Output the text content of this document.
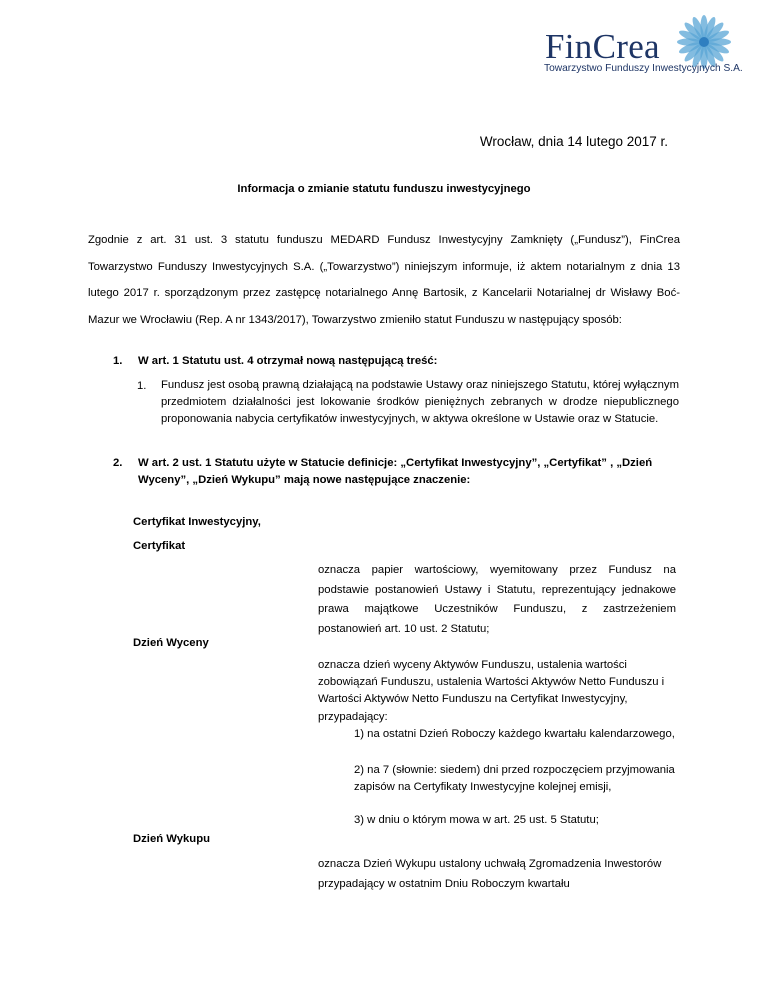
FinCrea
Towarzystwo Funduszy Inwestycyjnych S.A.
Wrocław, dnia 14 lutego 2017 r.
Informacja o zmianie statutu funduszu inwestycyjnego
Zgodnie z art. 31 ust. 3 statutu funduszu MEDARD Fundusz Inwestycyjny Zamknięty („Fundusz”), FinCrea Towarzystwo Funduszy Inwestycyjnych S.A. („Towarzystwo”) niniejszym informuje, iż aktem notarialnym z dnia 13 lutego 2017 r. sporządzonym przez zastępcę notarialnego Annę Bartosik, z Kancelarii Notarialnej dr Wisławy Boć-Mazur we Wrocławiu (Rep. A nr 1343/2017), Towarzystwo zmieniło statut Funduszu w następujący sposób:
1. W art. 1 Statutu ust. 4 otrzymał nową następującą treść:
1. Fundusz jest osobą prawną działającą na podstawie Ustawy oraz niniejszego Statutu, której wyłącznym przedmiotem działalności jest lokowanie środków pieniężnych zebranych w drodze niepublicznego proponowania nabycia certyfikatów inwestycyjnych, w aktywa określone w Ustawie oraz w Statucie.
2. W art. 2 ust. 1 Statutu użyte w Statucie definicje: „Certyfikat Inwestycyjny”, „Certyfikat” , „Dzień
Wyceny”, „Dzień Wykupu” mają nowe następujące znaczenie:
Certyfikat Inwestycyjny,
Certyfikat
oznacza papier wartościowy, wyemitowany przez Fundusz na podstawie postanowień Ustawy i Statutu, reprezentujący jednakowe prawa majątkowe Uczestników Funduszu, z zastrzeżeniem postanowień art. 10 ust. 2 Statutu;
Dzień Wyceny
oznacza dzień wyceny Aktywów Funduszu, ustalenia wartości zobowiązań Funduszu, ustalenia Wartości Aktywów Netto Funduszu i Wartości Aktywów Netto Funduszu na Certyfikat Inwestycyjny, przypadający:
1) na ostatni Dzień Roboczy każdego kwartału kalendarzowego,
2) na 7 (słownie: siedem) dni przed rozpoczęciem przyjmowania zapisów na Certyfikaty Inwestycyjne kolejnej emisji,
3) w dniu o którym mowa w art. 25 ust. 5 Statutu;
Dzień Wykupu
oznacza Dzień Wykupu ustalony uchwałą Zgromadzenia Inwestorów przypadający w ostatnim Dniu Roboczym kwartału
